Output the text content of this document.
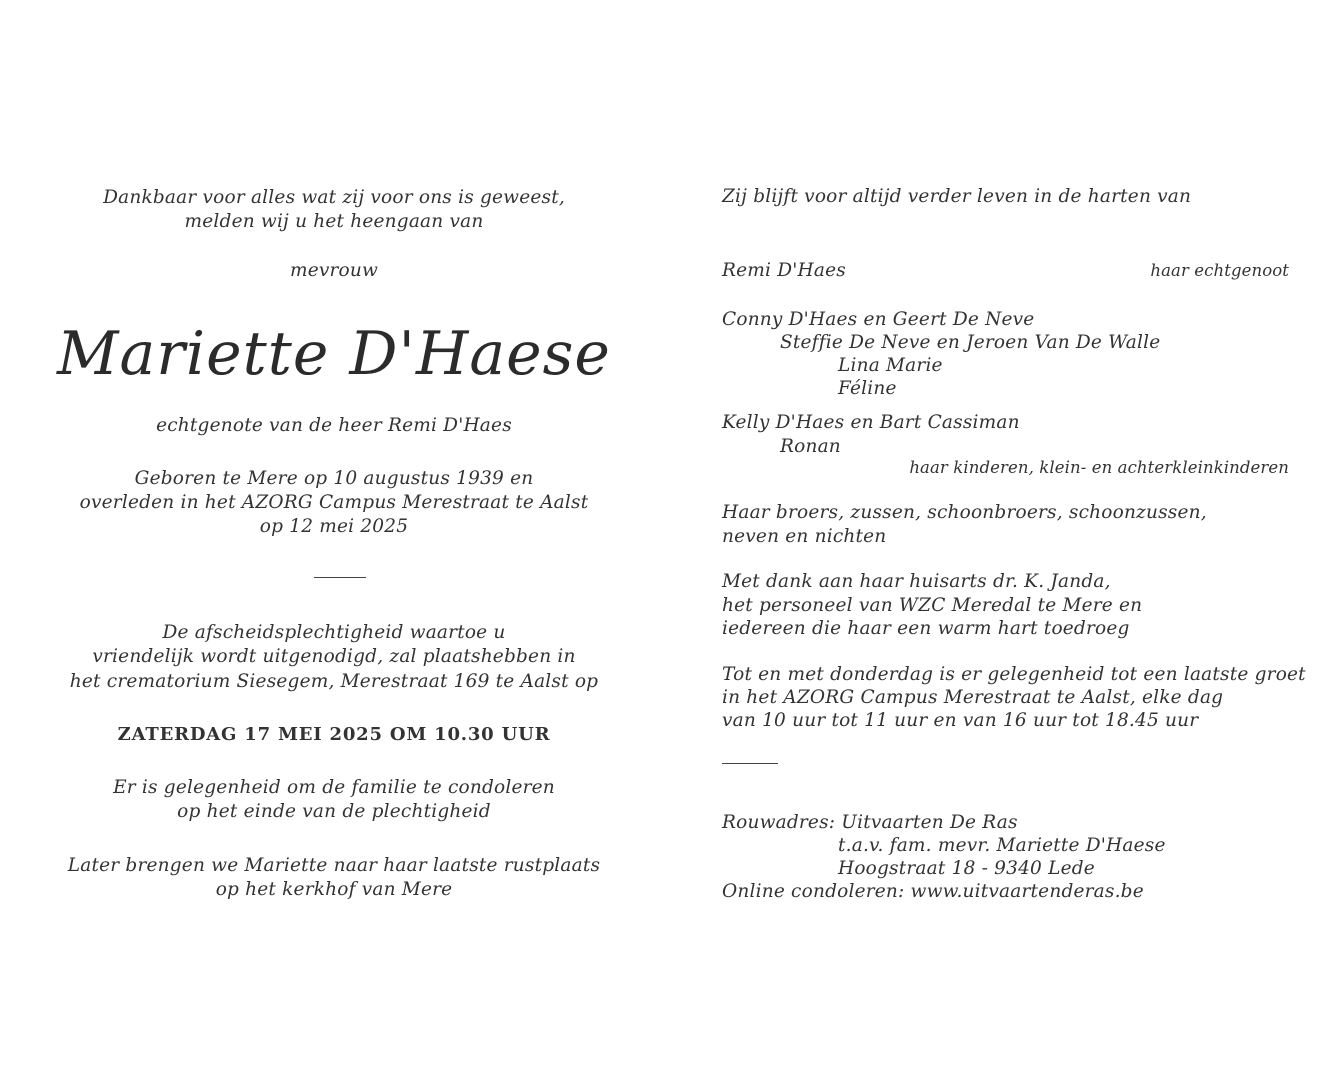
Dankbaar voor alles wat zij voor ons is geweest,
melden wij u het heengaan van
mevrouw
Mariette D'Haese
echtgenote van de heer Remi D'Haes
Geboren te Mere op 10 augustus 1939 en
overleden in het AZORG Campus Merestraat te Aalst
op 12 mei 2025
De afscheidsplechtigheid waartoe u
vriendelijk wordt uitgenodigd, zal plaatshebben in
het crematorium Siesegem, Merestraat 169 te Aalst op
ZATERDAG 17 MEI 2025 OM 10.30 UUR
Er is gelegenheid om de familie te condoleren
op het einde van de plechtigheid
Later brengen we Mariette naar haar laatste rustplaats
op het kerkhof van Mere
Zij blijft voor altijd verder leven in de harten van
Remi D'Haes	haar echtgenoot
Conny D'Haes en Geert De Neve
Steffie De Neve en Jeroen Van De Walle
Lina Marie
Féline
Kelly D'Haes en Bart Cassiman
Ronan
haar kinderen, klein- en achterkleinkinderen
Haar broers, zussen, schoonbroers, schoonzussen,
neven en nichten
Met dank aan haar huisarts dr. K. Janda,
het personeel van WZC Meredal te Mere en
iedereen die haar een warm hart toedroeg
Tot en met donderdag is er gelegenheid tot een laatste groet
in het AZORG Campus Merestraat te Aalst, elke dag
van 10 uur tot 11 uur en van 16 uur tot 18.45 uur
Rouwadres: Uitvaarten De Ras
t.a.v. fam. mevr. Mariette D'Haese
Hoogstraat 18 - 9340 Lede
Online condoleren: www.uitvaartenderas.be
